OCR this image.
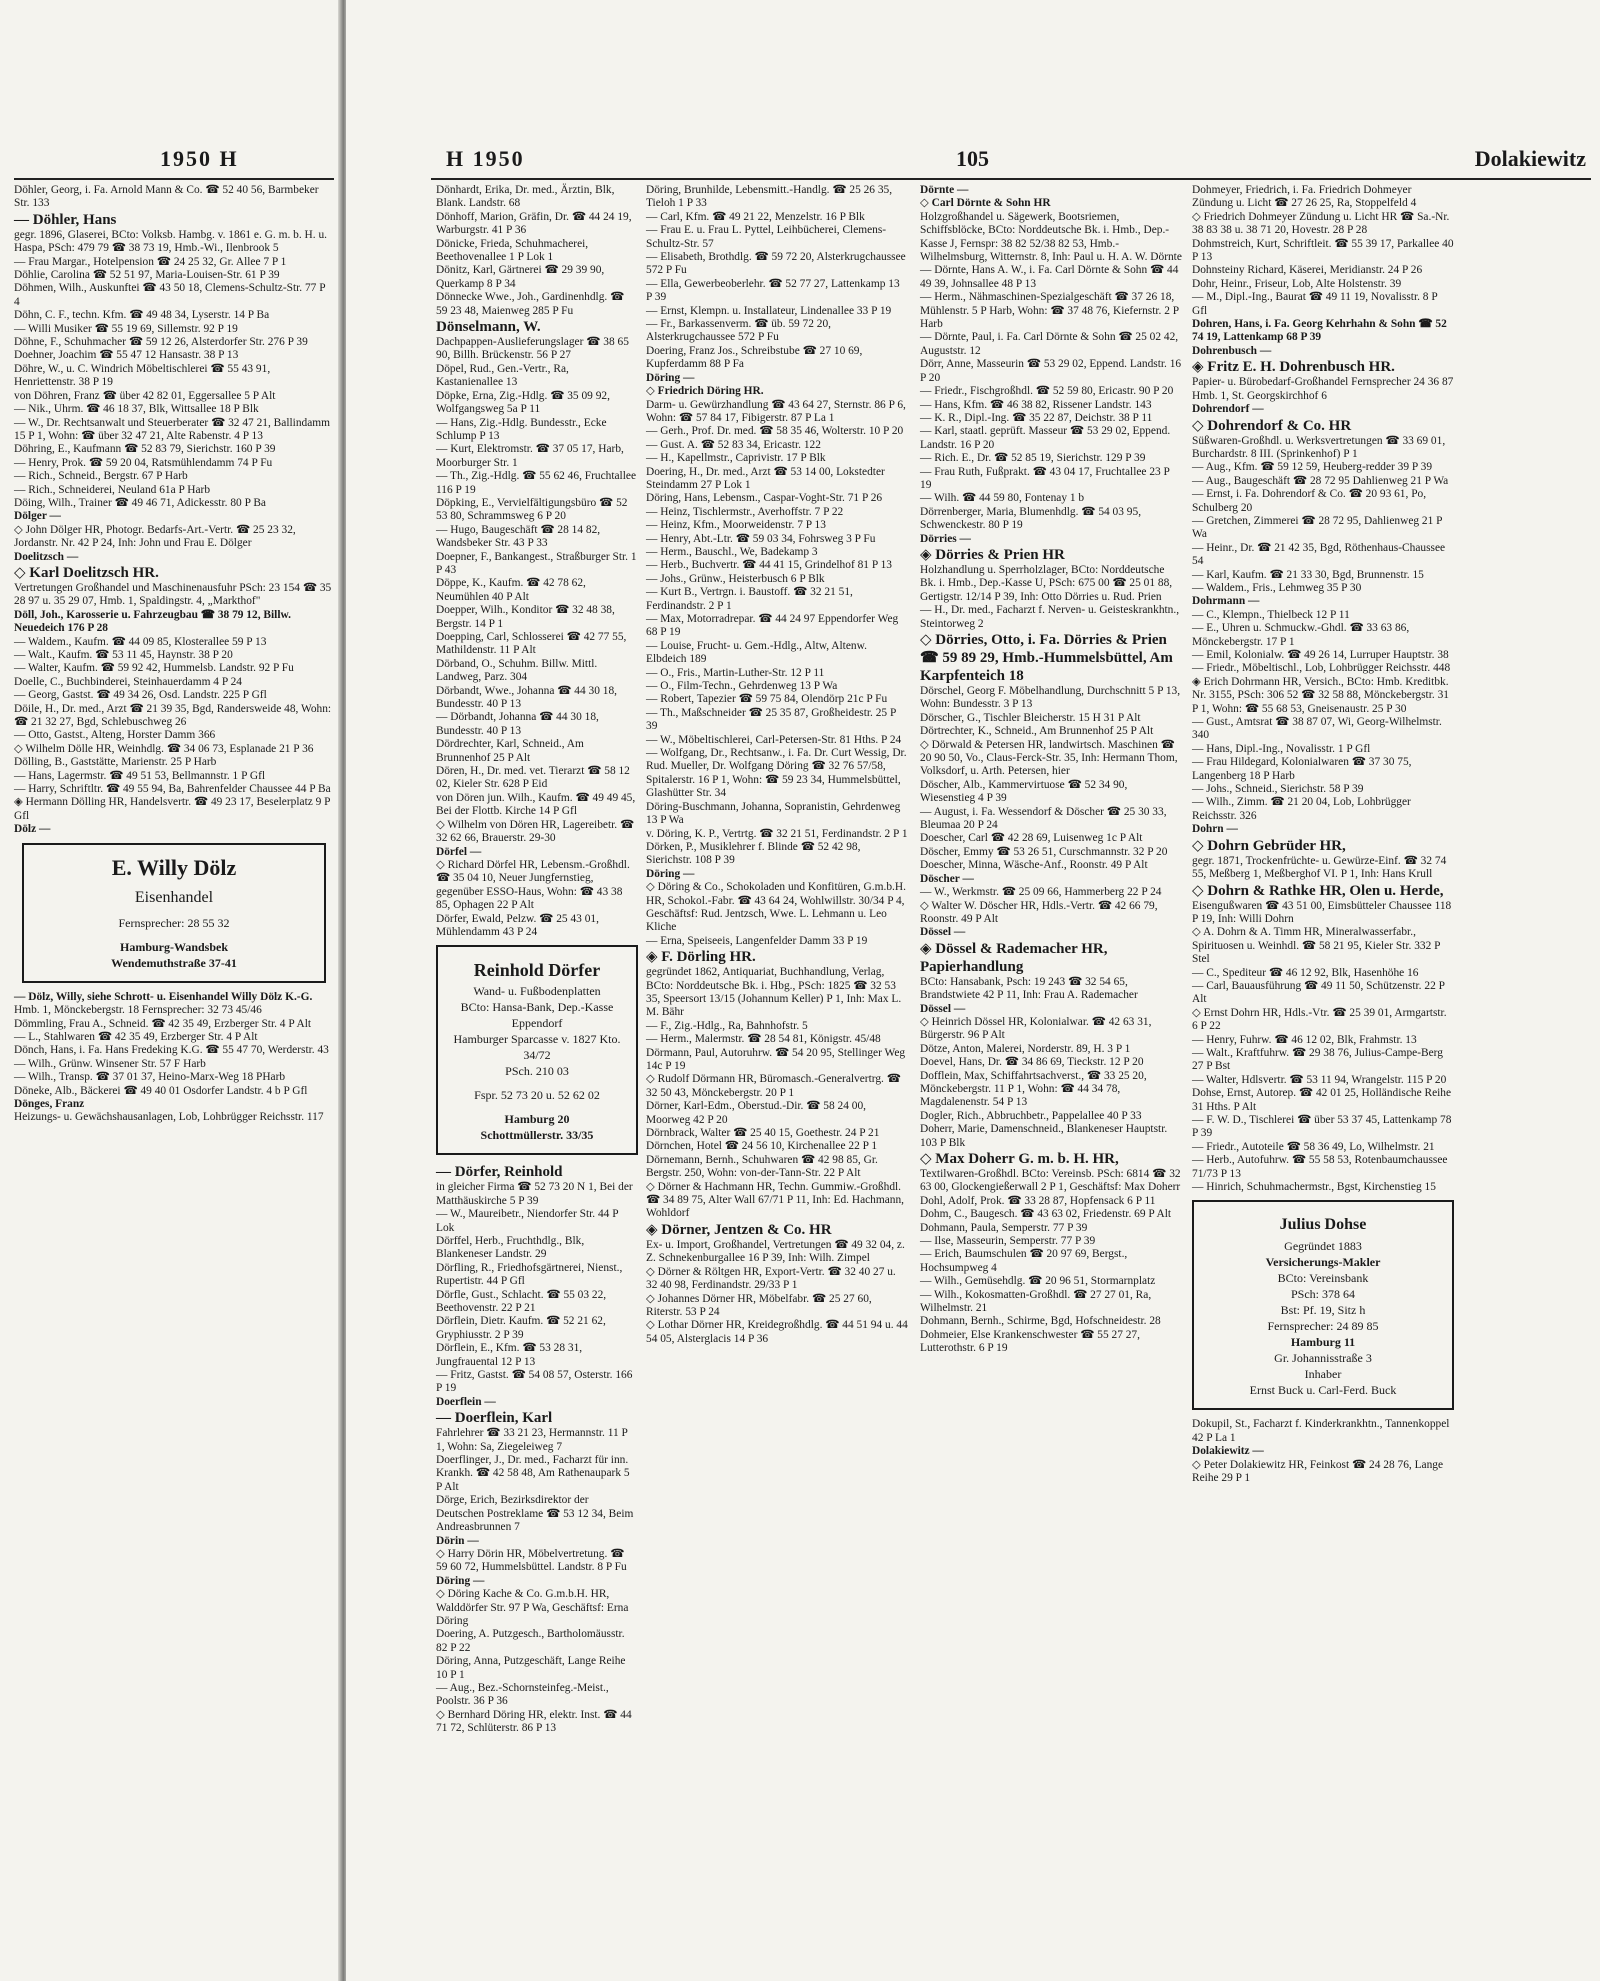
1950 H

Döhler, Georg, i. Fa. Arnold Mann & Co. ☎ 52 40 56, Barmbeker Str. 133

— Döhler, Hans

gegr. 1896, Glaserei, BCto: Volksb. Hambg. v. 1861 e. G. m. b. H. u. Haspa, PSch: 479 79 ☎ 38 73 19, Hmb.-Wi., Ilenbrook 5

— Frau Margar., Hotelpension ☎ 24 25 32, Gr. Allee 7 P 1

Döhlie, Carolina ☎ 52 51 97, Maria-Louisen-Str. 61 P 39

Döhmen, Wilh., Auskunftei ☎ 43 50 18, Clemens-Schultz-Str. 77 P 4

Döhn, C. F., techn. Kfm. ☎ 49 48 34, Lyserstr. 14 P Ba

— Willi Musiker ☎ 55 19 69, Sillemstr. 92 P 19

Döhne, F., Schuhmacher ☎ 59 12 26, Alsterdorfer Str. 276 P 39

Doehner, Joachim ☎ 55 47 12 Hansastr. 38 P 13

Döhre, W., u. C. Windrich Möbeltischlerei ☎ 55 43 91, Henriettenstr. 38 P 19

von Döhren, Franz ☎ über 42 82 01, Eggersallee 5 P Alt

— Nik., Uhrm. ☎ 46 18 37, Blk, Wittsallee 18 P Blk

— W., Dr. Rechtsanwalt und Steuerberater ☎ 32 47 21, Ballindamm 15 P 1, Wohn: ☎ über 32 47 21, Alte Rabenstr. 4 P 13

Döhring, E., Kaufmann ☎ 52 83 79, Sierichstr. 160 P 39

— Henry, Prok. ☎ 59 20 04, Ratsmühlendamm 74 P Fu

— Rich., Schneid., Bergstr. 67 P Harb

— Rich., Schneiderei, Neuland 61a P Harb

Döing, Wilh., Trainer ☎ 49 46 71, Adickesstr. 80 P Ba

Dölger —

◇ John Dölger HR, Photogr. Bedarfs-Art.-Vertr. ☎ 25 23 32, Jordanstr. Nr. 42 P 24, Inh: John und Frau E. Dölger

Doelitzsch —

◇ Karl Doelitzsch HR.

Vertretungen Großhandel und Maschinenausfuhr PSch: 23 154 ☎ 35 28 97 u. 35 29 07, Hmb. 1, Spaldingstr. 4, „Markthof"

Döll, Joh., Karosserie u. Fahrzeugbau ☎ 38 79 12, Billw. Neuedeich 176 P 28

— Waldem., Kaufm. ☎ 44 09 85, Klosterallee 59 P 13

— Walt., Kaufm. ☎ 53 11 45, Haynstr. 38 P 20

— Walter, Kaufm. ☎ 59 92 42, Hummelsb. Landstr. 92 P Fu

Doelle, C., Buchbinderei, Steinhauerdamm 4 P 24

— Georg, Gastst. ☎ 49 34 26, Osd. Landstr. 225 P Gfl

Döile, H., Dr. med., Arzt ☎ 21 39 35, Bgd, Randersweide 48, Wohn: ☎ 21 32 27, Bgd, Schlebuschweg 26

— Otto, Gastst., Alteng, Horster Damm 366

◇ Wilhelm Dölle HR, Weinhdlg. ☎ 34 06 73, Esplanade 21 P 36

Dölling, B., Gaststätte, Marienstr. 25 P Harb

— Hans, Lagermstr. ☎ 49 51 53, Bellmannstr. 1 P Gfl

— Harry, Schriftltr. ☎ 49 55 94, Ba, Bahrenfelder Chaussee 44 P Ba

◈ Hermann Dölling HR, Handelsvertr. ☎ 49 23 17, Beselerplatz 9 P Gfl

Dölz —

E. Willy Dölz
Eisenhandel
Fernsprecher: 28 55 32
Hamburg-Wandsbek
Wendemuthstraße 37-41

— Dölz, Willy, siehe Schrott- u. Eisenhandel Willy Dölz K.-G.

Hmb. 1, Mönckebergstr. 18 Fernsprecher: 32 73 45/46

Dömmling, Frau A., Schneid. ☎ 42 35 49, Erzberger Str. 4 P Alt

— L., Stahlwaren ☎ 42 35 49, Erzberger Str. 4 P Alt

Dönch, Hans, i. Fa. Hans Fredeking K.G. ☎ 55 47 70, Werderstr. 43

— Wilh., Grünw. Winsener Str. 57 F Harb

— Wilh., Transp. ☎ 37 01 37, Heino-Marx-Weg 18 PHarb

Döneke, Alb., Bäckerei ☎ 49 40 01 Osdorfer Landstr. 4 b P Gfl

Dönges, Franz

Heizungs- u. Gewächshausanlagen, Lob, Lohbrügger Reichsstr. 117

H 1950	105	Dolakiewitz

Dönhardt, Erika, Dr. med., Ärztin, Blk, Blank. Landstr. 68

Dönhoff, Marion, Gräfin, Dr. ☎ 44 24 19, Warburgstr. 41 P 36

Dönicke, Frieda, Schuhmacherei, Beethovenallee 1 P Lok 1

Dönitz, Karl, Gärtnerei ☎ 29 39 90, Querkamp 8 P 34

Dönnecke Wwe., Joh., Gardinenhdlg. ☎ 59 23 48, Maienweg 285 P Fu

Dönselmann, W.

Dachpappen-Auslieferungslager ☎ 38 65 90, Billh. Brückenstr. 56 P 27

Döpel, Rud., Gen.-Vertr., Ra, Kastanienallee 13

Döpke, Erna, Zig.-Hdlg. ☎ 35 09 92, Wolfgangsweg 5a P 11

— Hans, Zig.-Hdlg. Bundesstr., Ecke Schlump P 13

— Kurt, Elektromstr. ☎ 37 05 17, Harb, Moorburger Str. 1

— Th., Zig.-Hdlg. ☎ 55 62 46, Fruchtallee 116 P 19

Döpking, E., Vervielfältigungsbüro ☎ 52 53 80, Schrammsweg 6 P 20

— Hugo, Baugeschäft ☎ 28 14 82, Wandsbeker Str. 43 P 33

Doepner, F., Bankangest., Straßburger Str. 1 P 43

Döppe, K., Kaufm. ☎ 42 78 62, Neumühlen 40 P Alt

Doepper, Wilh., Konditor ☎ 32 48 38, Bergstr. 14 P 1

Doepping, Carl, Schlosserei ☎ 42 77 55, Mathildenstr. 11 P Alt

Dörband, O., Schuhm. Billw. Mittl. Landweg, Parz. 304

Dörbandt, Wwe., Johanna ☎ 44 30 18, Bundesstr. 40 P 13

— Dörbandt, Johanna ☎ 44 30 18, Bundesstr. 40 P 13

Dördrechter, Karl, Schneid., Am Brunnenhof 25 P Alt

Dören, H., Dr. med. vet. Tierarzt ☎ 58 12 02, Kieler Str. 628 P Eid

von Dören jun. Wilh., Kaufm. ☎ 49 49 45, Bei der Flottb. Kirche 14 P Gfl

◇ Wilhelm von Dören HR, Lagereibetr. ☎ 32 62 66, Brauerstr. 29-30

Dörfel —

◇ Richard Dörfel HR, Lebensm.-Großhdl. ☎ 35 04 10, Neuer Jungfernstieg, gegenüber ESSO-Haus, Wohn: ☎ 43 38 85, Ophagen 22 P Alt

Dörfer, Ewald, Pelzw. ☎ 25 43 01, Mühlendamm 43 P 24

Reinhold Dörfer
Wand- u. Fußbodenplatten
BCto: Hansa-Bank, Dep.-Kasse Eppendorf
Hamburger Sparcasse v. 1827 Kto. 34/72
PSch. 210 03
Fspr. 52 73 20 u. 52 62 02
Hamburg 20
Schottmüllerstr. 33/35

— Dörfer, Reinhold

in gleicher Firma ☎ 52 73 20 N 1, Bei der Matthäuskirche 5 P 39

— W., Maureibetr., Niendorfer Str. 44 P Lok

Dörffel, Herb., Fruchthdlg., Blk, Blankeneser Landstr. 29

Dörfling, R., Friedhofsgärtnerei, Nienst., Rupertistr. 44 P Gfl

Dörfle, Gust., Schlacht. ☎ 55 03 22, Beethovenstr. 22 P 21

Dörflein, Dietr. Kaufm. ☎ 52 21 62, Gryphiusstr. 2 P 39

Dörflein, E., Kfm. ☎ 53 28 31, Jungfrauental 12 P 13

— Fritz, Gastst. ☎ 54 08 57, Osterstr. 166 P 19

Doerflein —

— Doerflein, Karl

Fahrlehrer ☎ 33 21 23, Hermannstr. 11 P 1, Wohn: Sa, Ziegeleiweg 7

Doerflinger, J., Dr. med., Facharzt für inn. Krankh. ☎ 42 58 48, Am Rathenaupark 5 P Alt

Dörge, Erich, Bezirksdirektor der Deutschen Postreklame ☎ 53 12 34, Beim Andreasbrunnen 7

Dörin —

◇ Harry Dörin HR, Möbelvertretung. ☎ 59 60 72, Hummelsbüttel. Landstr. 8 P Fu

Döring —

◇ Döring Kache & Co. G.m.b.H. HR, Walddörfer Str. 97 P Wa, Geschäftsf: Erna Döring

Doering, A. Putzgesch., Bartholomäusstr. 82 P 22

Döring, Anna, Putzgeschäft, Lange Reihe 10 P 1

— Aug., Bez.-Schornsteinfeg.-Meist., Poolstr. 36 P 36

◇ Bernhard Döring HR, elektr. Inst. ☎ 44 71 72, Schlüterstr. 86 P 13

Döring, Brunhilde, Lebensmitt.-Handlg. ☎ 25 26 35, Tieloh 1 P 33

— Carl, Kfm. ☎ 49 21 22, Menzelstr. 16 P Blk

— Frau E. u. Frau L. Pyttel, Leihbücherei, Clemens-Schultz-Str. 57

— Elisabeth, Brothdlg. ☎ 59 72 20, Alsterkrugchaussee 572 P Fu

— Ella, Gewerbeoberlehr. ☎ 52 77 27, Lattenkamp 13 P 39

— Ernst, Klempn. u. Installateur, Lindenallee 33 P 19

— Fr., Barkassenverm. ☎ üb. 59 72 20, Alsterkrugchaussee 572 P Fu

Doering, Franz Jos., Schreibstube ☎ 27 10 69, Kupferdamm 88 P Fa

Döring —

◇ Friedrich Döring HR.

Darm- u. Gewürzhandlung ☎ 43 64 27, Sternstr. 86 P 6, Wohn: ☎ 57 84 17, Fibigerstr. 87 P La 1

— Gerh., Prof. Dr. med. ☎ 58 35 46, Wolterstr. 10 P 20

— Gust. A. ☎ 52 83 34, Ericastr. 122

— H., Kapellmstr., Caprivistr. 17 P Blk

Doering, H., Dr. med., Arzt ☎ 53 14 00, Lokstedter Steindamm 27 P Lok 1

Döring, Hans, Lebensm., Caspar-Voght-Str. 71 P 26

— Heinz, Tischlermstr., Averhoffstr. 7 P 22

— Heinz, Kfm., Moorweidenstr. 7 P 13

— Henry, Abt.-Ltr. ☎ 59 03 34, Fohrsweg 3 P Fu

— Herm., Bauschl., We, Badekamp 3

— Herb., Buchvertr. ☎ 44 41 15, Grindelhof 81 P 13

— Johs., Grünw., Heisterbusch 6 P Blk

— Kurt B., Vertrgn. i. Baustoff. ☎ 32 21 51, Ferdinandstr. 2 P 1

— Max, Motorradrepar. ☎ 44 24 97 Eppendorfer Weg 68 P 19

— Louise, Frucht- u. Gem.-Hdlg., Altw, Altenw. Elbdeich 189

— O., Fris., Martin-Luther-Str. 12 P 11

— O., Film-Techn., Gehrdenweg 13 P Wa

— Robert, Tapezier ☎ 59 75 84, Olendörp 21c P Fu

— Th., Maßschneider ☎ 25 35 87, Großheidestr. 25 P 39

— W., Möbeltischlerei, Carl-Petersen-Str. 81 Hths. P 24

— Wolfgang, Dr., Rechtsanw., i. Fa. Dr. Curt Wessig, Dr. Rud. Mueller, Dr. Wolfgang Döring ☎ 32 76 57/58, Spitalerstr. 16 P 1, Wohn: ☎ 59 23 34, Hummelsbüttel, Glashütter Str. 34

Döring-Buschmann, Johanna, Sopranistin, Gehrdenweg 13 P Wa

v. Döring, K. P., Vertrtg. ☎ 32 21 51, Ferdinandstr. 2 P 1

Dörken, P., Musiklehrer f. Blinde ☎ 52 42 98, Sierichstr. 108 P 39

Döring —

◇ Döring & Co., Schokoladen und Konfitüren, G.m.b.H. HR, Schokol.-Fabr. ☎ 43 64 24, Wohlwillstr. 30/34 P 4, Geschäftsf: Rud. Jentzsch, Wwe. L. Lehmann u. Leo Kliche

— Erna, Speiseeis, Langenfelder Damm 33 P 19

◈ F. Dörling HR.

gegründet 1862, Antiquariat, Buchhandlung, Verlag, BCto: Norddeutsche Bk. i. Hbg., PSch: 1825 ☎ 32 53 35, Speersort 13/15 (Johannum Keller) P 1, Inh: Max L. M. Bähr

— F., Zig.-Hdlg., Ra, Bahnhofstr. 5

— Herm., Malermstr. ☎ 28 54 81, Königstr. 45/48

Dörmann, Paul, Autoruhrw. ☎ 54 20 95, Stellinger Weg 14c P 19

◇ Rudolf Dörmann HR, Büromasch.-Generalvertrg. ☎ 32 50 43, Mönckebergstr. 20 P 1

Dörner, Karl-Edm., Oberstud.-Dir. ☎ 58 24 00, Moorweg 42 P 20

Dörnbrack, Walter ☎ 25 40 15, Goethestr. 24 P 21

Dörnchen, Hotel ☎ 24 56 10, Kirchenallee 22 P 1

Dörnemann, Bernh., Schuhwaren ☎ 42 98 85, Gr. Bergstr. 250, Wohn: von-der-Tann-Str. 22 P Alt

◇ Dörner & Hachmann HR, Techn. Gummiw.-Großhdl. ☎ 34 89 75, Alter Wall 67/71 P 11, Inh: Ed. Hachmann, Wohldorf

◈ Dörner, Jentzen & Co. HR

Ex- u. Import, Großhandel, Vertretungen ☎ 49 32 04, z. Z. Schnekenburgallee 16 P 39, Inh: Wilh. Zimpel

◇ Dörner & Röltgen HR, Export-Vertr. ☎ 32 40 27 u. 32 40 98, Ferdinandstr. 29/33 P 1

◇ Johannes Dörner HR, Möbelfabr. ☎ 25 27 60, Riterstr. 53 P 24

◇ Lothar Dörner HR, Kreidegroßhdlg. ☎ 44 51 94 u. 44 54 05, Alsterglacis 14 P 36

Dörnte —

◇ Carl Dörnte & Sohn HR

Holzgroßhandel u. Sägewerk, Bootsriemen, Schiffsblöcke, BCto: Norddeutsche Bk. i. Hmb., Dep.-Kasse J, Fernspr: 38 82 52/38 82 53, Hmb.-Wilhelmsburg, Witternstr. 8, Inh: Paul u. H. A. W. Dörnte

— Dörnte, Hans A. W., i. Fa. Carl Dörnte & Sohn ☎ 44 49 39, Johnsallee 48 P 13

— Herm., Nähmaschinen-Spezialgeschäft ☎ 37 26 18, Mühlenstr. 5 P Harb, Wohn: ☎ 37 48 76, Kiefernstr. 2 P Harb

— Dörnte, Paul, i. Fa. Carl Dörnte & Sohn ☎ 25 02 42, Auguststr. 12

Dörr, Anne, Masseurin ☎ 53 29 02, Eppend. Landstr. 16 P 20

— Friedr., Fischgroßhdl. ☎ 52 59 80, Ericastr. 90 P 20

— Hans, Kfm. ☎ 46 38 82, Rissener Landstr. 143

— K. R., Dipl.-Ing. ☎ 35 22 87, Deichstr. 38 P 11

— Karl, staatl. geprüft. Masseur ☎ 53 29 02, Eppend. Landstr. 16 P 20

— Rich. E., Dr. ☎ 52 85 19, Sierichstr. 129 P 39

— Frau Ruth, Fußprakt. ☎ 43 04 17, Fruchtallee 23 P 19

— Wilh. ☎ 44 59 80, Fontenay 1 b

Dörrenberger, Maria, Blumenhdlg. ☎ 54 03 95, Schwenckestr. 80 P 19

Dörries —

◈ Dörries & Prien HR

Holzhandlung u. Sperrholzlager, BCto: Norddeutsche Bk. i. Hmb., Dep.-Kasse U, PSch: 675 00 ☎ 25 01 88, Gertigstr. 12/14 P 39, Inh: Otto Dörries u. Rud. Prien

— H., Dr. med., Facharzt f. Nerven- u. Geisteskrankhtn., Steintorweg 2

◇ Dörries, Otto, i. Fa. Dörries & Prien ☎ 59 89 29, Hmb.-Hummelsbüttel, Am Karpfenteich 18

Dörschel, Georg F. Möbelhandlung, Durchschnitt 5 P 13, Wohn: Bundesstr. 3 P 13

Dörscher, G., Tischler Bleicherstr. 15 H 31 P Alt

Dörtrechter, K., Schneid., Am Brunnenhof 25 P Alt

◇ Dörwald & Petersen HR, landwirtsch. Maschinen ☎ 20 90 50, Vo., Claus-Ferck-Str. 35, Inh: Hermann Thom, Volksdorf, u. Arth. Petersen, hier

Döscher, Alb., Kammervirtuose ☎ 52 34 90, Wiesenstieg 4 P 39

— August, i. Fa. Wessendorf & Döscher ☎ 25 30 33, Bleumaa 20 P 24

Doescher, Carl ☎ 42 28 69, Luisenweg 1c P Alt

Döscher, Emmy ☎ 53 26 51, Curschmannstr. 32 P 20

Doescher, Minna, Wäsche-Anf., Roonstr. 49 P Alt

Döscher —

— W., Werkmstr. ☎ 25 09 66, Hammerberg 22 P 24

◇ Walter W. Döscher HR, Hdls.-Vertr. ☎ 42 66 79, Roonstr. 49 P Alt

Dössel —

◈ Dössel & Rademacher HR, Papierhandlung

BCto: Hansabank, Psch: 19 243 ☎ 32 54 65, Brandstwiete 42 P 11, Inh: Frau A. Rademacher

Dössel —

◇ Heinrich Dössel HR, Kolonialwar. ☎ 42 63 31, Bürgerstr. 96 P Alt

Dötze, Anton, Malerei, Norderstr. 89, H. 3 P 1

Doevel, Hans, Dr. ☎ 34 86 69, Tieckstr. 12 P 20

Dofflein, Max, Schiffahrtsachverst., ☎ 33 25 20, Mönckebergstr. 11 P 1, Wohn: ☎ 44 34 78, Magdalenenstr. 54 P 13

Dogler, Rich., Abbruchbetr., Pappelallee 40 P 33

Doherr, Marie, Damenschneid., Blankeneser Hauptstr. 103 P Blk

◇ Max Doherr G. m. b. H. HR,

Textilwaren-Großhdl. BCto: Vereinsb. PSch: 6814 ☎ 32 63 00, Glockengießerwall 2 P 1, Geschäftsf: Max Doherr

Dohl, Adolf, Prok. ☎ 33 28 87, Hopfensack 6 P 11

Dohm, C., Baugesch. ☎ 43 63 02, Friedenstr. 69 P Alt

Dohmann, Paula, Semperstr. 77 P 39

— Ilse, Masseurin, Semperstr. 77 P 39

— Erich, Baumschulen ☎ 20 97 69, Bergst., Hochsumpweg 4

— Wilh., Gemüsehdlg. ☎ 20 96 51, Stormarnplatz

— Wilh., Kokosmatten-Großhdl. ☎ 27 27 01, Ra, Wilhelmstr. 21

Dohmann, Bernh., Schirme, Bgd, Hofschneidestr. 28

Dohmeier, Else Krankenschwester ☎ 55 27 27, Lutterothstr. 6 P 19

Dohmeyer, Friedrich, i. Fa. Friedrich Dohmeyer Zündung u. Licht ☎ 27 26 25, Ra, Stoppelfeld 4

◇ Friedrich Dohmeyer Zündung u. Licht HR ☎ Sa.-Nr. 38 83 38 u. 38 71 20, Hovestr. 28 P 28

Dohmstreich, Kurt, Schriftleit. ☎ 55 39 17, Parkallee 40 P 13

Dohnsteiny Richard, Käserei, Meridianstr. 24 P 26

Dohr, Heinr., Friseur, Lob, Alte Holstenstr. 39

— M., Dipl.-Ing., Baurat ☎ 49 11 19, Novalisstr. 8 P Gfl

Dohren, Hans, i. Fa. Georg Kehrhahn & Sohn ☎ 52 74 19, Lattenkamp 68 P 39

Dohrenbusch —

◈ Fritz E. H. Dohrenbusch HR.

Papier- u. Bürobedarf-Großhandel Fernsprecher 24 36 87 Hmb. 1, St. Georgskirchhof 6

Dohrendorf —

◇ Dohrendorf & Co. HR

Süßwaren-Großhdl. u. Werksvertretungen ☎ 33 69 01, Burchardstr. 8 III. (Sprinkenhof) P 1

— Aug., Kfm. ☎ 59 12 59, Heuberg-redder 39 P 39

— Aug., Baugeschäft ☎ 28 72 95 Dahlienweg 21 P Wa

— Ernst, i. Fa. Dohrendorf & Co. ☎ 20 93 61, Po, Schulberg 20

— Gretchen, Zimmerei ☎ 28 72 95, Dahlienweg 21 P Wa

— Heinr., Dr. ☎ 21 42 35, Bgd, Röthenhaus-Chaussee 54

— Karl, Kaufm. ☎ 21 33 30, Bgd, Brunnenstr. 15

— Waldem., Fris., Lehmweg 35 P 30

Dohrmann —

— C., Klempn., Thielbeck 12 P 11

— E., Uhren u. Schmuckw.-Ghdl. ☎ 33 63 86, Mönckebergstr. 17 P 1

— Emil, Kolonialw. ☎ 49 26 14, Lurruper Hauptstr. 38

— Friedr., Möbeltischl., Lob, Lohbrügger Reichsstr. 448

◈ Erich Dohrmann HR, Versich., BCto: Hmb. Kreditbk. Nr. 3155, PSch: 306 52 ☎ 32 58 88, Mönckebergstr. 31 P 1, Wohn: ☎ 55 68 53, Gneisenaustr. 25 P 30

— Gust., Amtsrat ☎ 38 87 07, Wi, Georg-Wilhelmstr. 340

— Hans, Dipl.-Ing., Novalisstr. 1 P Gfl

— Frau Hildegard, Kolonialwaren ☎ 37 30 75, Langenberg 18 P Harb

— Johs., Schneid., Sierichstr. 58 P 39

— Wilh., Zimm. ☎ 21 20 04, Lob, Lohbrügger Reichsstr. 326

Dohrn —

◇ Dohrn Gebrüder HR,

gegr. 1871, Trockenfrüchte- u. Gewürze-Einf. ☎ 32 74 55, Meßberg 1, Meßberghof VI. P 1, Inh: Hans Krull

◇ Dohrn & Rathke HR, Olen u. Herde,

Eisengußwaren ☎ 43 51 00, Eimsbütteler Chaussee 118 P 19, Inh: Willi Dohrn

◇ A. Dohrn & A. Timm HR, Mineralwasserfabr., Spirituosen u. Weinhdl. ☎ 58 21 95, Kieler Str. 332 P Stel

— C., Spediteur ☎ 46 12 92, Blk, Hasenhöhe 16

— Carl, Bauausführung ☎ 49 11 50, Schützenstr. 22 P Alt

◇ Ernst Dohrn HR, Hdls.-Vtr. ☎ 25 39 01, Armgartstr. 6 P 22

— Henry, Fuhrw. ☎ 46 12 02, Blk, Frahmstr. 13

— Walt., Kraftfuhrw. ☎ 29 38 76, Julius-Campe-Berg 27 P Bst

— Walter, Hdlsvertr. ☎ 53 11 94, Wrangelstr. 115 P 20

Dohse, Ernst, Autorep. ☎ 42 01 25, Holländische Reihe 31 Hths. P Alt

— F. W. D., Tischlerei ☎ über 53 37 45, Lattenkamp 78 P 39

— Friedr., Autoteile ☎ 58 36 49, Lo, Wilhelmstr. 21

— Herb., Autofuhrw. ☎ 55 58 53, Rotenbaumchaussee 71/73 P 13

— Hinrich, Schuhmachermstr., Bgst, Kirchenstieg 15

Julius Dohse
Gegründet 1883
Versicherungs-Makler
BCto: Vereinsbank
PSch: 378 64
Bst: Pf. 19, Sitz h
Fernsprecher: 24 89 85
Hamburg 11
Gr. Johannisstraße 3
Inhaber
Ernst Buck u. Carl-Ferd. Buck

Dokupil, St., Facharzt f. Kinderkrankhtn., Tannenkoppel 42 P La 1

Dolakiewitz —

◇ Peter Dolakiewitz HR, Feinkost ☎ 24 28 76, Lange Reihe 29 P 1
